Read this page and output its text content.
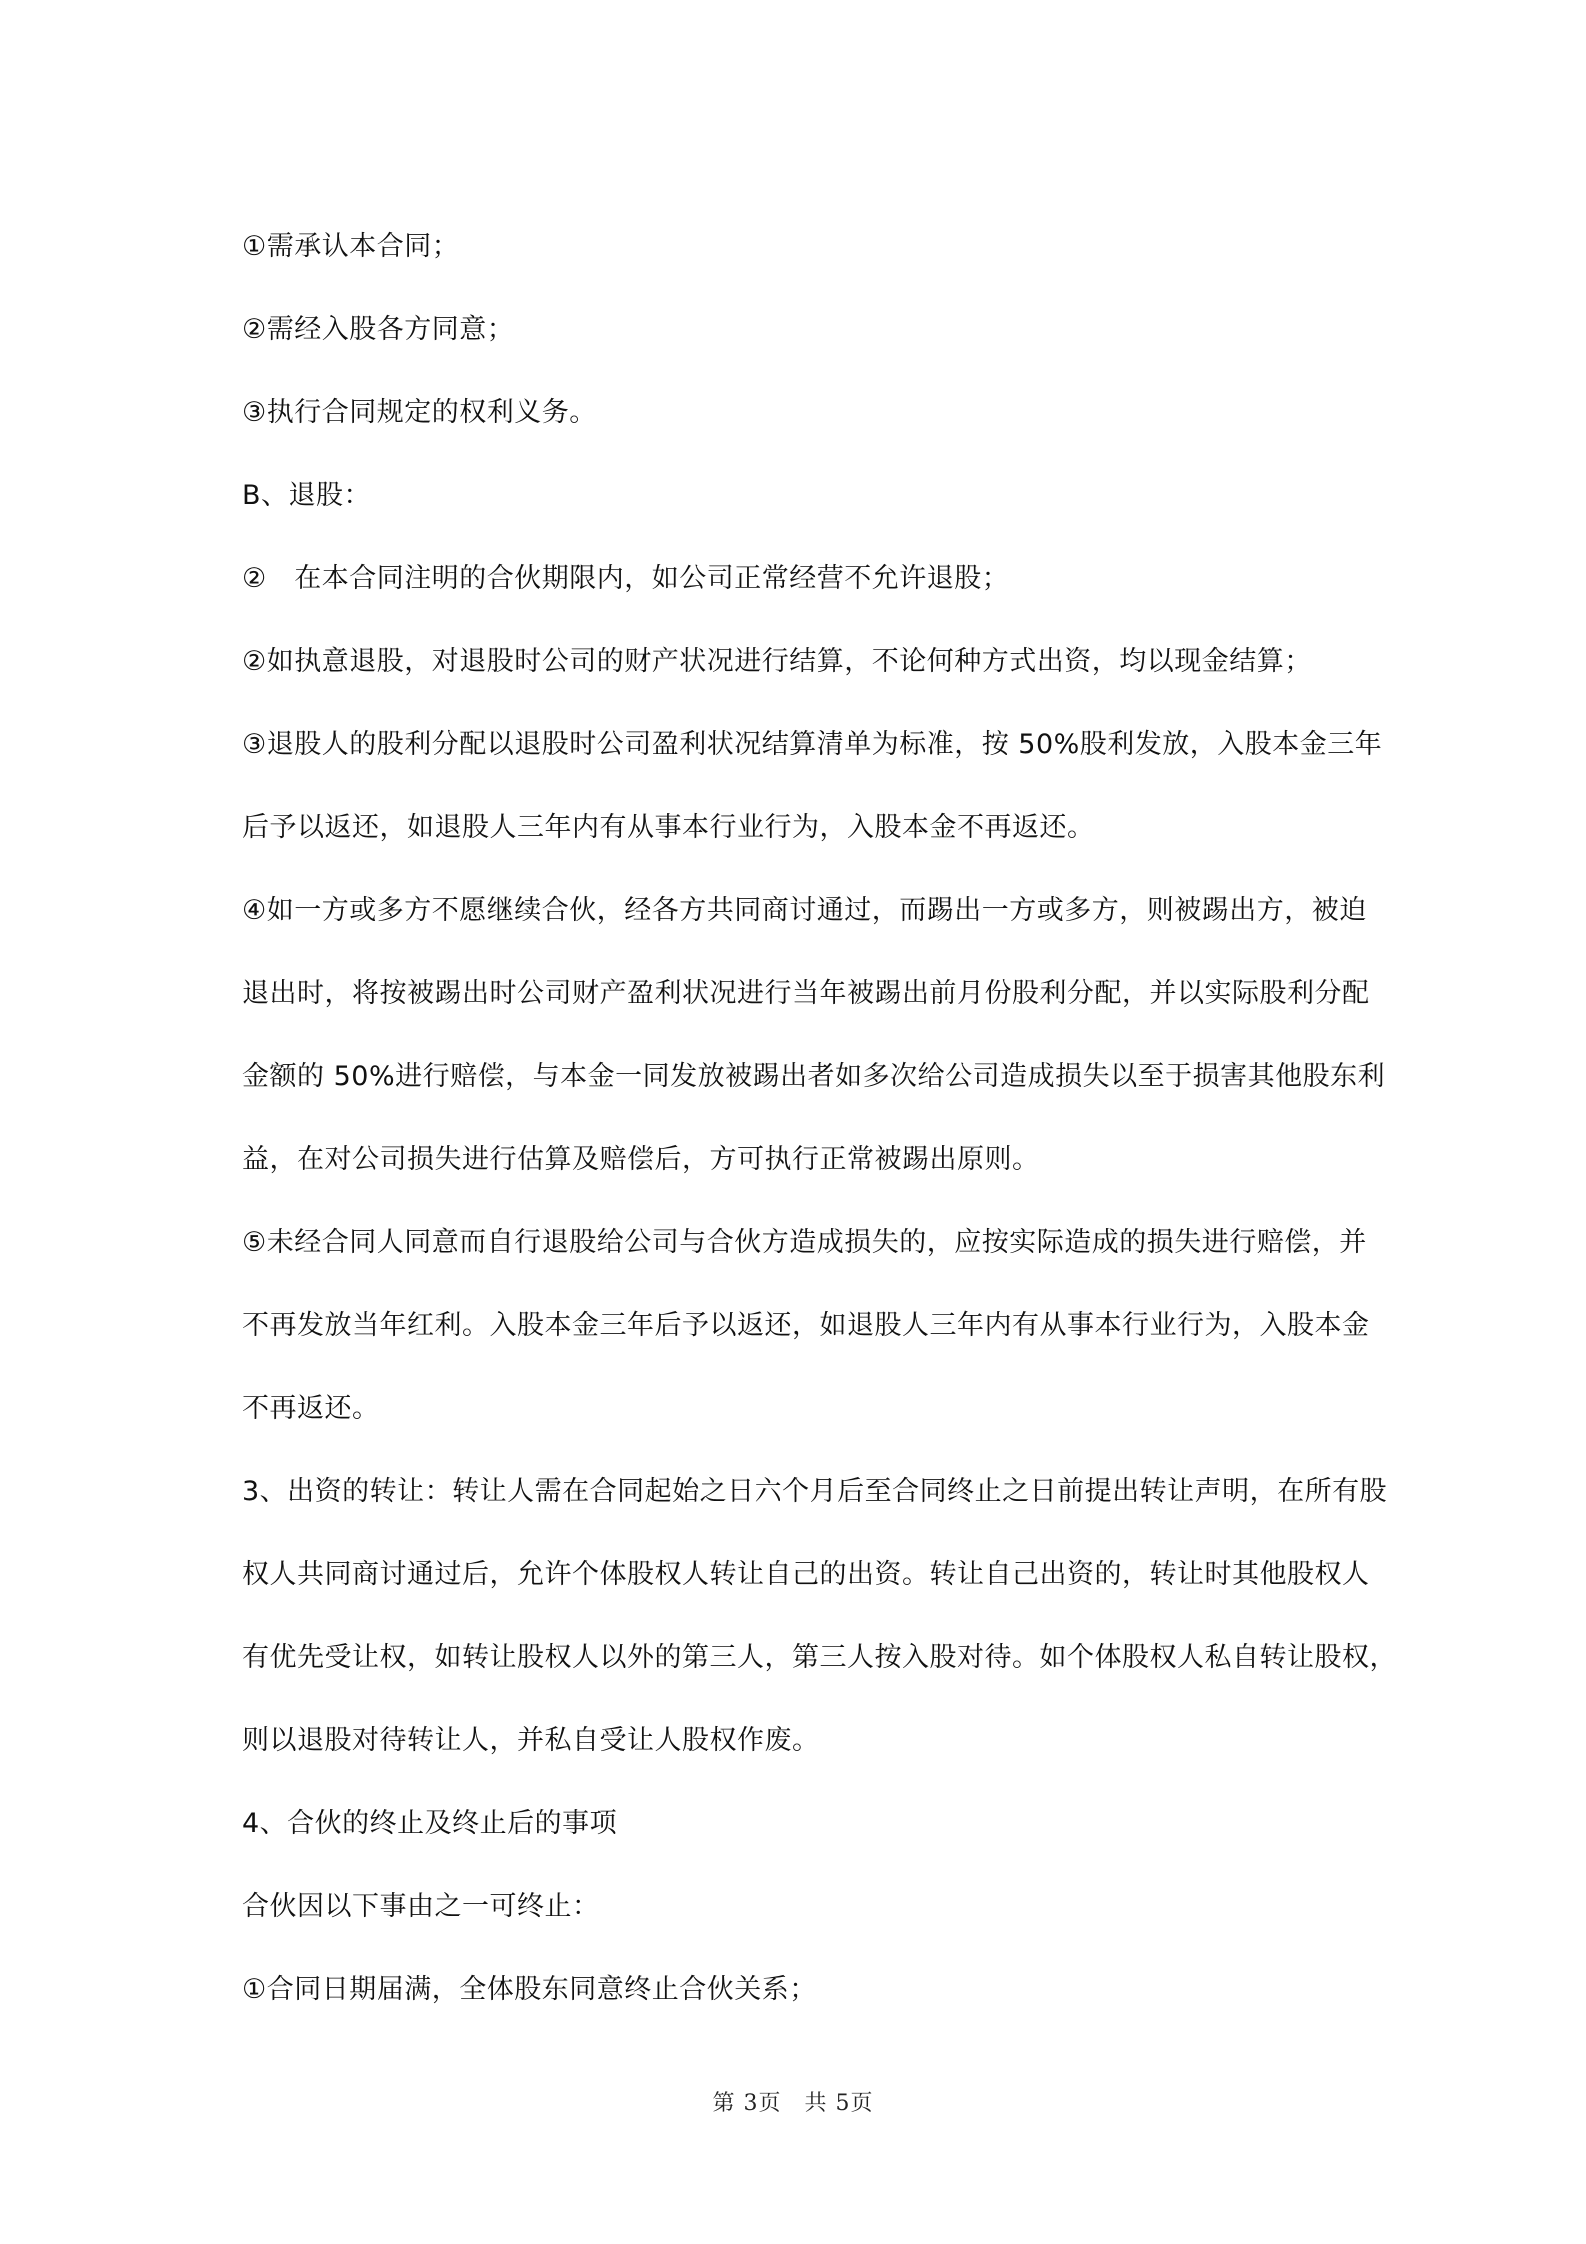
①需承认本合同；
②需经入股各方同意；
③执行合同规定的权利义务。
B、退股：
②　在本合同注明的合伙期限内，如公司正常经营不允许退股；
②如执意退股，对退股时公司的财产状况进行结算，不论何种方式出资，均以现金结算；
③退股人的股利分配以退股时公司盈利状况结算清单为标准，按 50%股利发放，入股本金三年
后予以返还，如退股人三年内有从事本行业行为，入股本金不再返还。
④如一方或多方不愿继续合伙，经各方共同商讨通过，而踢出一方或多方，则被踢出方，被迫
退出时，将按被踢出时公司财产盈利状况进行当年被踢出前月份股利分配，并以实际股利分配
金额的 50%进行赔偿，与本金一同发放被踢出者如多次给公司造成损失以至于损害其他股东利
益，在对公司损失进行估算及赔偿后，方可执行正常被踢出原则。
⑤未经合同人同意而自行退股给公司与合伙方造成损失的，应按实际造成的损失进行赔偿，并
不再发放当年红利。入股本金三年后予以返还，如退股人三年内有从事本行业行为，入股本金
不再返还。
3、出资的转让：转让人需在合同起始之日六个月后至合同终止之日前提出转让声明，在所有股
权人共同商讨通过后，允许个体股权人转让自己的出资。转让自己出资的，转让时其他股权人
有优先受让权，如转让股权人以外的第三人，第三人按入股对待。如个体股权人私自转让股权，
则以退股对待转让人，并私自受让人股权作废。
4、合伙的终止及终止后的事项
合伙因以下事由之一可终止：
①合同日期届满，全体股东同意终止合伙关系；
第 3页　共 5页
